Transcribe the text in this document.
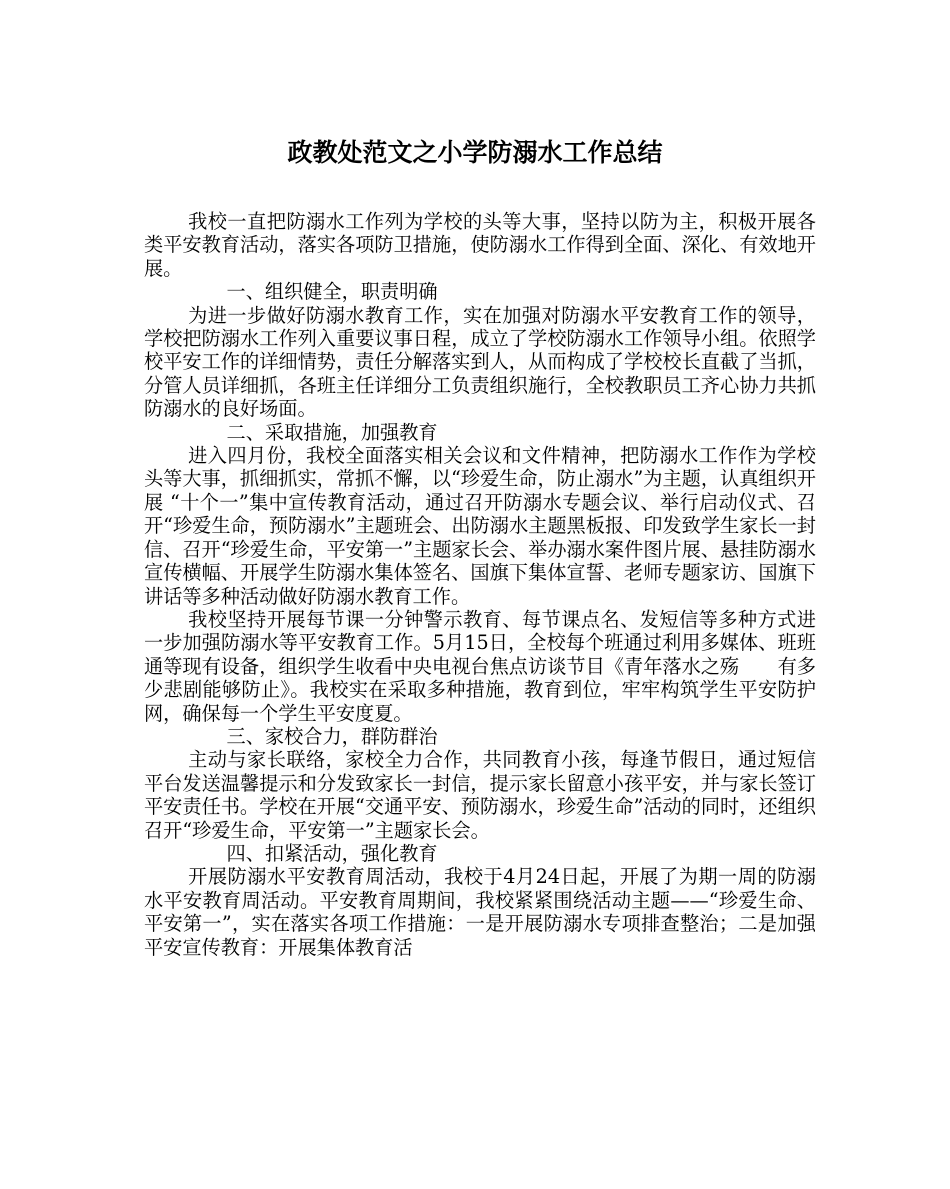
政教处范文之小学防溺水工作总结

我校一直把防溺水工作列为学校的头等大事，坚持以防为主，积极开展各类平安教育活动，落实各项防卫措施，使防溺水工作得到全面、深化、有效地开展。

一、组织健全，职责明确

为进一步做好防溺水教育工作，实在加强对防溺水平安教育工作的领导，学校把防溺水工作列入重要议事日程，成立了学校防溺水工作领导小组。依照学校平安工作的详细情势，责任分解落实到人，从而构成了学校校长直截了当抓，分管人员详细抓，各班主任详细分工负责组织施行，全校教职员工齐心协力共抓防溺水的良好场面。

二、采取措施，加强教育

进入四月份，我校全面落实相关会议和文件精神，把防溺水工作作为学校头等大事，抓细抓实，常抓不懈，以“珍爱生命，防止溺水”为主题，认真组织开展 “十个一”集中宣传教育活动，通过召开防溺水专题会议、举行启动仪式、召开“珍爱生命，预防溺水”主题班会、出防溺水主题黑板报、印发致学生家长一封信、召开“珍爱生命，平安第一”主题家长会、举办溺水案件图片展、悬挂防溺水宣传横幅、开展学生防溺水集体签名、国旗下集体宣誓、老师专题家访、国旗下讲话等多种活动做好防溺水教育工作。

我校坚持开展每节课一分钟警示教育、每节课点名、发短信等多种方式进一步加强防溺水等平安教育工作。5月15日，全校每个班通过利用多媒体、班班通等现有设备，组织学生收看中央电视台焦点访谈节目《青年落水之殇　　有多少悲剧能够防止》。我校实在采取多种措施，教育到位，牢牢构筑学生平安防护网，确保每一个学生平安度夏。

三、家校合力，群防群治

主动与家长联络，家校全力合作，共同教育小孩，每逢节假日，通过短信平台发送温馨提示和分发致家长一封信，提示家长留意小孩平安，并与家长签订平安责任书。学校在开展“交通平安、预防溺水，珍爱生命”活动的同时，还组织召开“珍爱生命，平安第一”主题家长会。

四、扣紧活动，强化教育

开展防溺水平安教育周活动，我校于4月24日起，开展了为期一周的防溺水平安教育周活动。平安教育周期间，我校紧紧围绕活动主题——“珍爱生命、平安第一”，实在落实各项工作措施：一是开展防溺水专项排查整治；二是加强平安宣传教育：开展集体教育活
